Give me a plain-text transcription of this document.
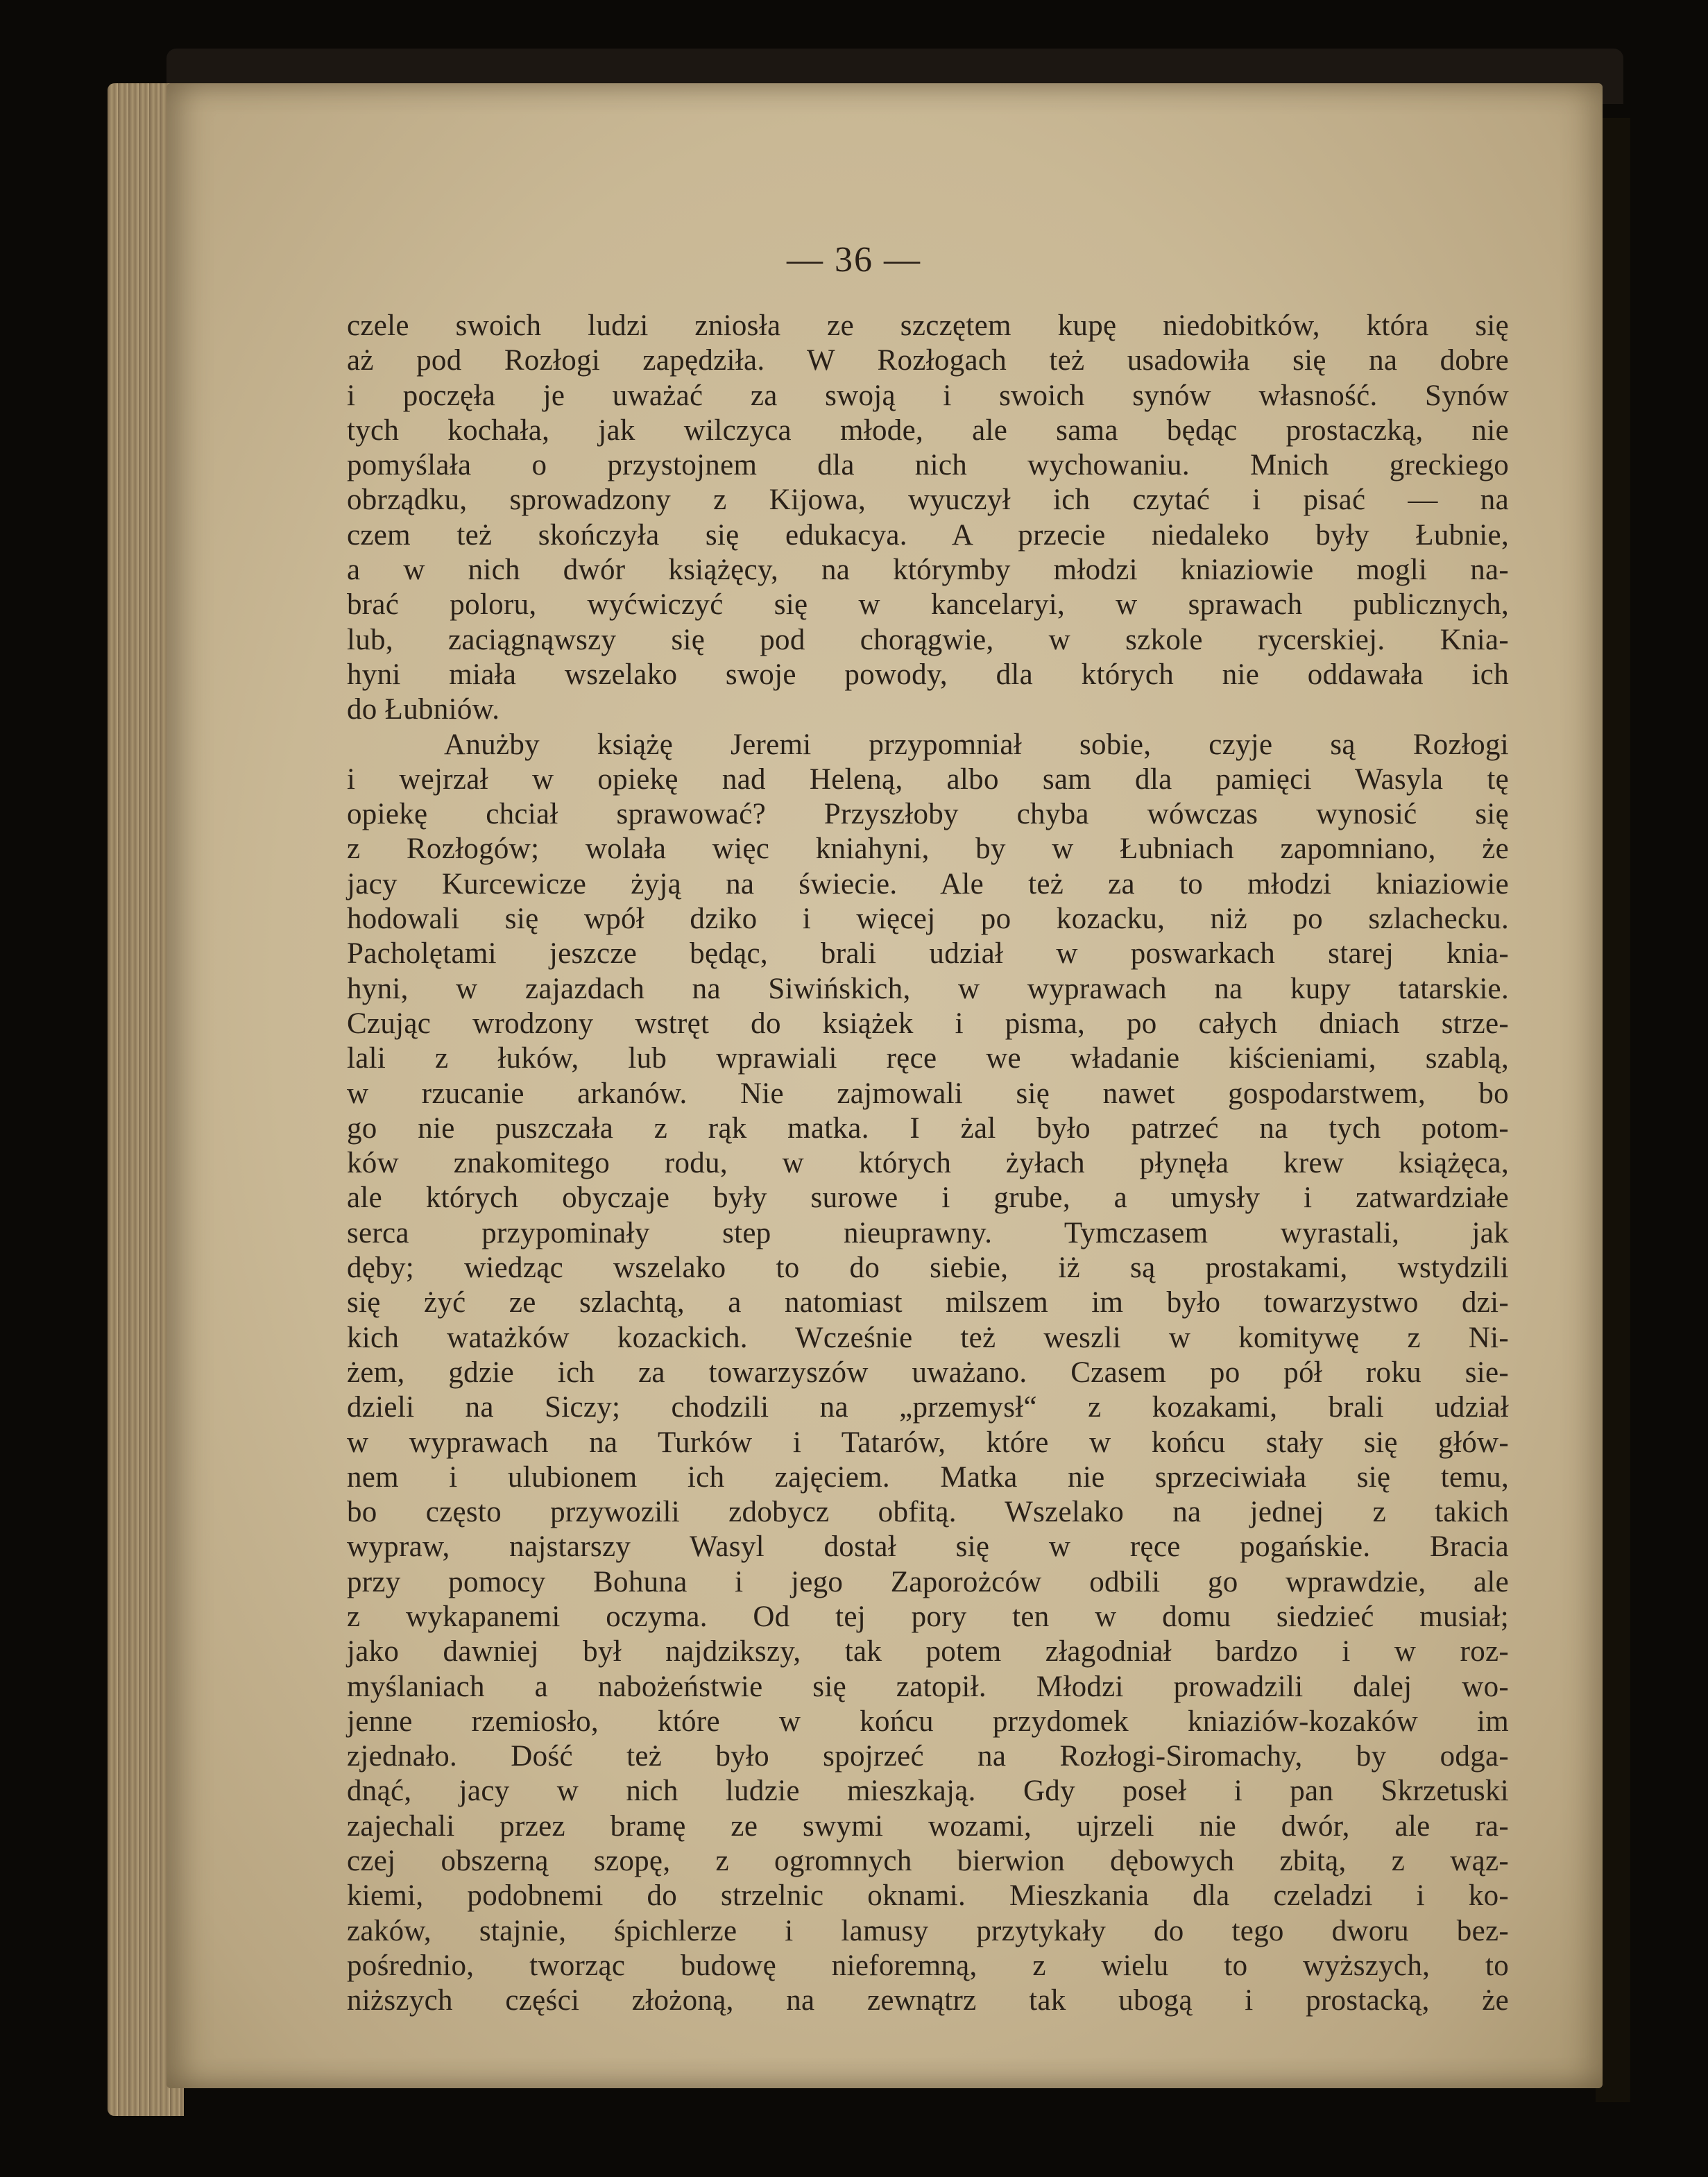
— 36 —
czele swoich ludzi zniosła ze szczętem kupę niedobitków, która się
aż pod Rozłogi zapędziła. W Rozłogach też usadowiła się na dobre
i poczęła je uważać za swoją i swoich synów własność. Synów
tych kochała, jak wilczyca młode, ale sama będąc prostaczką, nie
pomyślała o przystojnem dla nich wychowaniu. Mnich greckiego
obrządku, sprowadzony z Kijowa, wyuczył ich czytać i pisać — na
czem też skończyła się edukacya. A przecie niedaleko były Łubnie,
a w nich dwór książęcy, na którymby młodzi kniaziowie mogli na-
brać poloru, wyćwiczyć się w kancelaryi, w sprawach publicznych,
lub, zaciągnąwszy się pod chorągwie, w szkole rycerskiej. Knia-
hyni miała wszelako swoje powody, dla których nie oddawała ich
do Łubniów.
Anużby książę Jeremi przypomniał sobie, czyje są Rozłogi
i wejrzał w opiekę nad Heleną, albo sam dla pamięci Wasyla tę
opiekę chciał sprawować? Przyszłoby chyba wówczas wynosić się
z Rozłogów; wolała więc kniahyni, by w Łubniach zapomniano, że
jacy Kurcewicze żyją na świecie. Ale też za to młodzi kniaziowie
hodowali się wpół dziko i więcej po kozacku, niż po szlachecku.
Pacholętami jeszcze będąc, brali udział w poswarkach starej knia-
hyni, w zajazdach na Siwińskich, w wyprawach na kupy tatarskie.
Czując wrodzony wstręt do książek i pisma, po całych dniach strze-
lali z łuków, lub wprawiali ręce we władanie kiścieniami, szablą,
w rzucanie arkanów. Nie zajmowali się nawet gospodarstwem, bo
go nie puszczała z rąk matka. I żal było patrzeć na tych potom-
ków znakomitego rodu, w których żyłach płynęła krew książęca,
ale których obyczaje były surowe i grube, a umysły i zatwardziałe
serca przypominały step nieuprawny. Tymczasem wyrastali, jak
dęby; wiedząc wszelako to do siebie, iż są prostakami, wstydzili
się żyć ze szlachtą, a natomiast milszem im było towarzystwo dzi-
kich watażków kozackich. Wcześnie też weszli w komitywę z Ni-
żem, gdzie ich za towarzyszów uważano. Czasem po pół roku sie-
dzieli na Siczy; chodzili na „przemysł“ z kozakami, brali udział
w wyprawach na Turków i Tatarów, które w końcu stały się głów-
nem i ulubionem ich zajęciem. Matka nie sprzeciwiała się temu,
bo często przywozili zdobycz obfitą. Wszelako na jednej z takich
wypraw, najstarszy Wasyl dostał się w ręce pogańskie. Bracia
przy pomocy Bohuna i jego Zaporożców odbili go wprawdzie, ale
z wykapanemi oczyma. Od tej pory ten w domu siedzieć musiał;
jako dawniej był najdzikszy, tak potem złagodniał bardzo i w roz-
myślaniach a nabożeństwie się zatopił. Młodzi prowadzili dalej wo-
jenne rzemiosło, które w końcu przydomek kniaziów-kozaków im
zjednało. Dość też było spojrzeć na Rozłogi-Siromachy, by odga-
dnąć, jacy w nich ludzie mieszkają. Gdy poseł i pan Skrzetuski
zajechali przez bramę ze swymi wozami, ujrzeli nie dwór, ale ra-
czej obszerną szopę, z ogromnych bierwion dębowych zbitą, z wąz-
kiemi, podobnemi do strzelnic oknami. Mieszkania dla czeladzi i ko-
zaków, stajnie, śpichlerze i lamusy przytykały do tego dworu bez-
pośrednio, tworząc budowę nieforemną, z wielu to wyższych, to
niższych części złożoną, na zewnątrz tak ubogą i prostacką, że
